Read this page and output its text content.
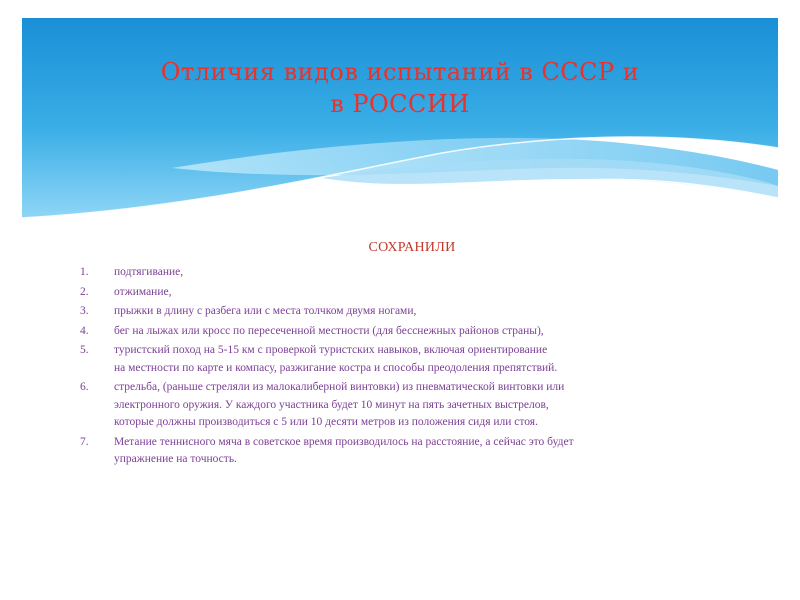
Отличия видов испытаний в СССР и
в РОССИИ
СОХРАНИЛИ
1.	подтягивание,
2.	отжимание,
3.	прыжки в длину с разбега или с места толчком двумя ногами,
4.	бег на лыжах или кросс по пересеченной местности (для бесснежных районов страны),
5.	туристский поход на 5-15 км с проверкой туристских навыков, включая ориентирование
на местности по карте и компасу, разжигание костра и способы преодоления препятствий.
6.	стрельба, (раньше стреляли из малокалиберной винтовки) из пневматической винтовки или
электронного оружия. У каждого участника будет 10 минут на пять зачетных выстрелов,
которые должны производиться с 5 или 10 десяти метров из положения сидя или стоя.
7.	Метание теннисного мяча в советское время производилось на расстояние, а сейчас это будет
упражнение на точность.
